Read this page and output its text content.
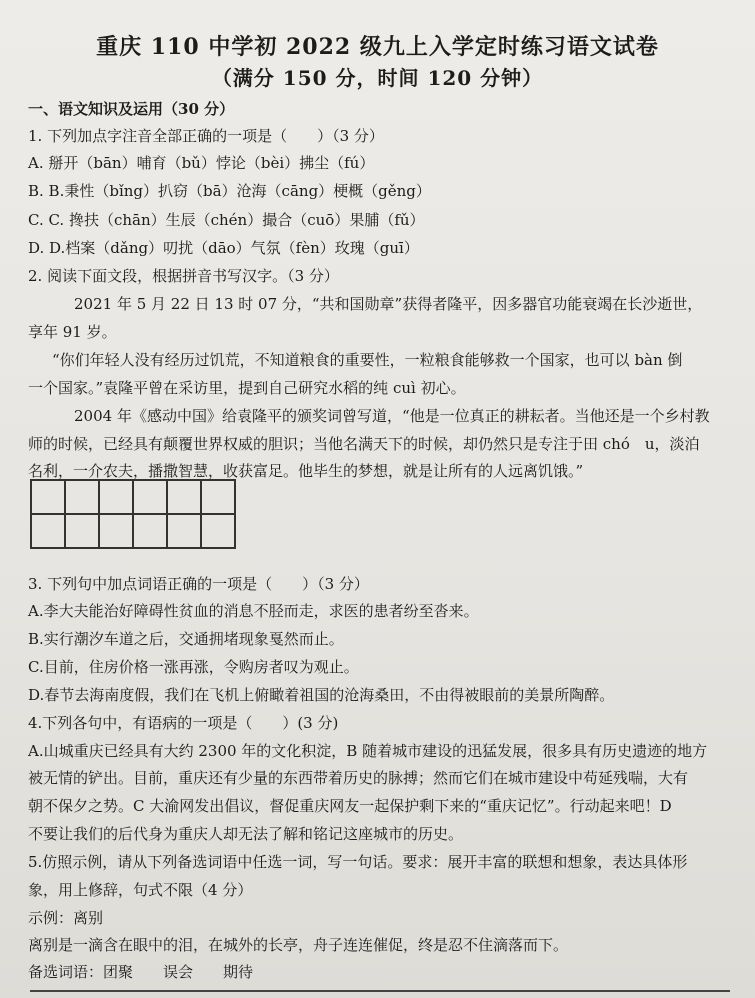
重庆 110 中学初 2022 级九上入学定时练习语文试卷
（满分 150 分，时间 120 分钟）
一、语文知识及运用（30 分）
1. 下列加点字注音全部正确的一项是（　　）（3 分）
A. 掰开（bān）哺育（bǔ）悖论（bèi）拂尘（fú）
B. B.秉性（bǐng）扒窃（bā）沧海（cāng）梗概（gěng）
C. C. 搀扶（chān）生辰（chén）撮合（cuō）果脯（fǔ）
D. D.档案（dǎng）叨扰（dāo）气氛（fèn）玫瑰（guī）
2. 阅读下面文段，根据拼音书写汉字。（3 分）
2021 年 5 月 22 日 13 时 07 分，“共和国勋章”获得者隆平，因多器官功能衰竭在长沙逝世，
享年 91 岁。
“你们年轻人没有经历过饥荒，不知道粮食的重要性，一粒粮食能够救一个国家，也可以 bàn 倒
一个国家。”袁隆平曾在采访里，提到自己研究水稻的纯 cuì 初心。
2004 年《感动中国》给袁隆平的颁奖词曾写道，“他是一位真正的耕耘者。当他还是一个乡村教
师的时候，已经具有颠覆世界权威的胆识；当他名满天下的时候，却仍然只是专注于田 chó　u，淡泊
名利，一介农夫，播撒智慧，收获富足。他毕生的梦想，就是让所有的人远离饥饿。”

3. 下列句中加点词语正确的一项是（　　）（3 分）
A.李大夫能治好障碍性贫血的消息不胫而走，求医的患者纷至沓来。
B.实行潮汐车道之后，交通拥堵现象戛然而止。
C.目前，住房价格一涨再涨，令购房者叹为观止。
D.春节去海南度假，我们在飞机上俯瞰着祖国的沧海桑田，不由得被眼前的美景所陶醉。
4.下列各句中，有语病的一项是（　　）(3 分)
A.山城重庆已经具有大约 2300 年的文化积淀，B 随着城市建设的迅猛发展，很多具有历史遗迹的地方
被无情的铲出。目前，重庆还有少量的东西带着历史的脉搏；然而它们在城市建设中苟延残喘，大有
朝不保夕之势。C 大渝网发出倡议，督促重庆网友一起保护剩下来的“重庆记忆”。行动起来吧！D
不要让我们的后代身为重庆人却无法了解和铭记这座城市的历史。
5.仿照示例，请从下列备选词语中任选一词，写一句话。要求：展开丰富的联想和想象，表达具体形
象，用上修辞，句式不限（4 分）
示例：离别
离别是一滴含在眼中的泪，在城外的长亭，舟子连连催促，终是忍不住滴落而下。
备选词语：团聚　　误会　　期待
